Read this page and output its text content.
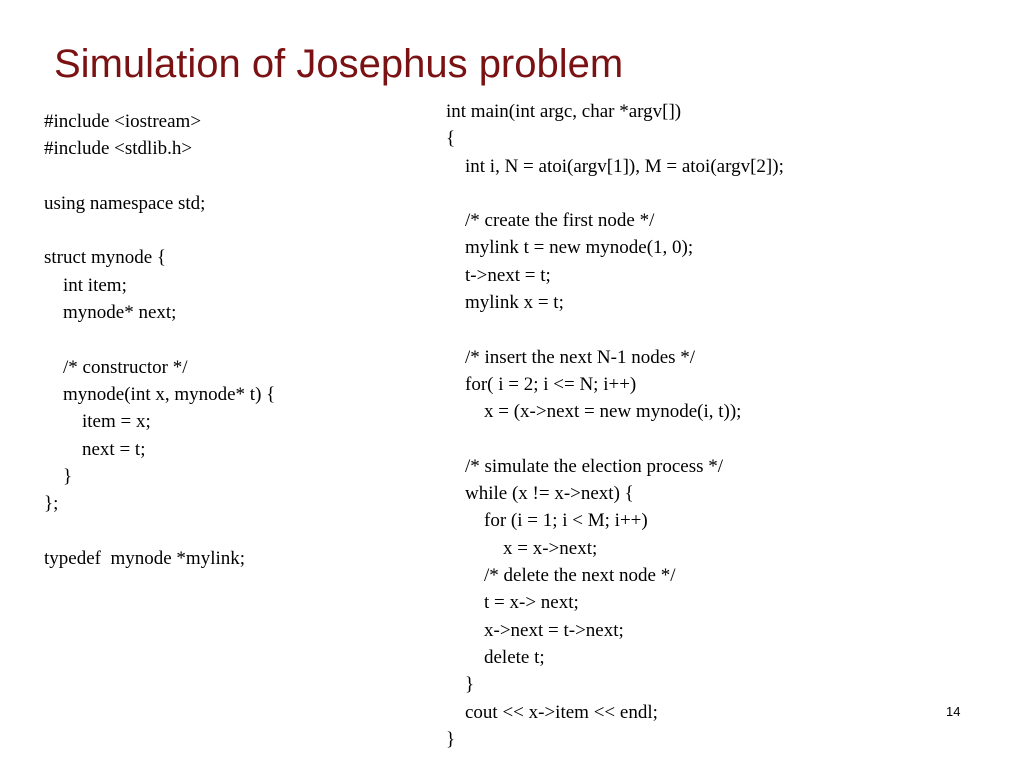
Simulation of Josephus problem
#include <iostream>
#include <stdlib.h>
using namespace std;
struct mynode {
int item;
mynode* next;
/* constructor */
mynode(int x, mynode* t) {
item = x;
next = t;
}
};
typedef  mynode *mylink;
int main(int argc, char *argv[])
{
int i, N = atoi(argv[1]), M = atoi(argv[2]);
/* create the first node */
mylink t = new mynode(1, 0);
t->next = t;
mylink x = t;
/* insert the next N-1 nodes */
for( i = 2; i <= N; i++)
x = (x->next = new mynode(i, t));
/* simulate the election process */
while (x != x->next) {
for (i = 1; i < M; i++)
x = x->next;
/* delete the next node */
t = x-> next;
x->next = t->next;
delete t;
}
cout << x->item << endl;
}
14
